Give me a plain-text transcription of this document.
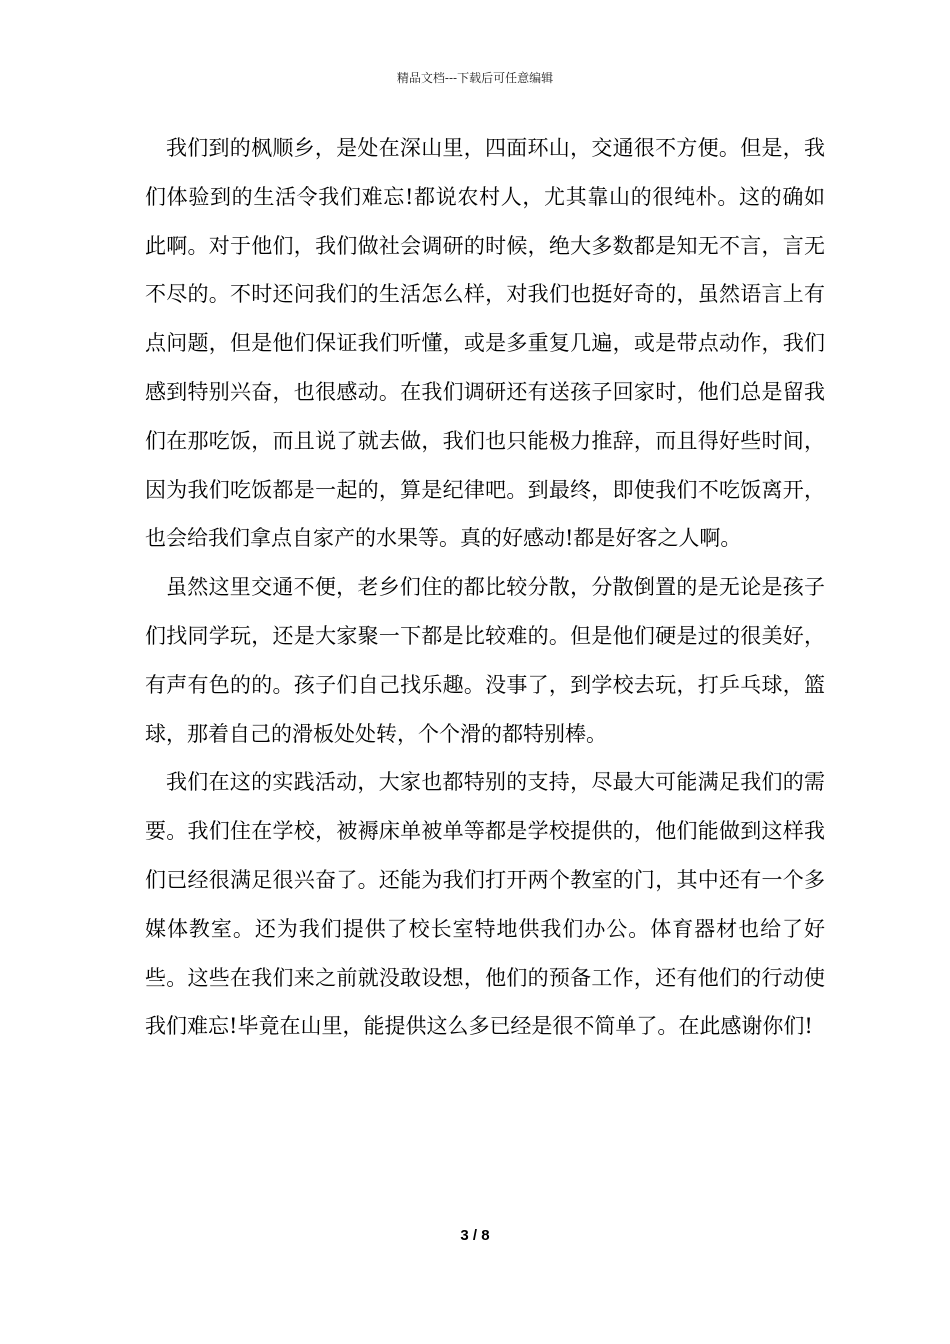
精品文档---下载后可任意编辑

我们到的枫顺乡，是处在深山里，四面环山，交通很不方便。但是，我们体验到的生活令我们难忘!都说农村人，尤其靠山的很纯朴。这的确如此啊。对于他们，我们做社会调研的时候，绝大多数都是知无不言，言无不尽的。不时还问我们的生活怎么样，对我们也挺好奇的，虽然语言上有点问题，但是他们保证我们听懂，或是多重复几遍，或是带点动作，我们感到特别兴奋，也很感动。在我们调研还有送孩子回家时，他们总是留我们在那吃饭，而且说了就去做，我们也只能极力推辞，而且得好些时间，因为我们吃饭都是一起的，算是纪律吧。到最终，即使我们不吃饭离开，也会给我们拿点自家产的水果等。真的好感动!都是好客之人啊。

虽然这里交通不便，老乡们住的都比较分散，分散倒置的是无论是孩子们找同学玩，还是大家聚一下都是比较难的。但是他们硬是过的很美好，有声有色的的。孩子们自己找乐趣。没事了，到学校去玩，打乒乓球，篮球，那着自己的滑板处处转，个个滑的都特别棒。

我们在这的实践活动，大家也都特别的支持，尽最大可能满足我们的需要。我们住在学校，被褥床单被单等都是学校提供的，他们能做到这样我们已经很满足很兴奋了。还能为我们打开两个教室的门，其中还有一个多媒体教室。还为我们提供了校长室特地供我们办公。体育器材也给了好些。这些在我们来之前就没敢设想，他们的预备工作，还有他们的行动使我们难忘!毕竟在山里，能提供这么多已经是很不简单了。在此感谢你们!

3 / 8
